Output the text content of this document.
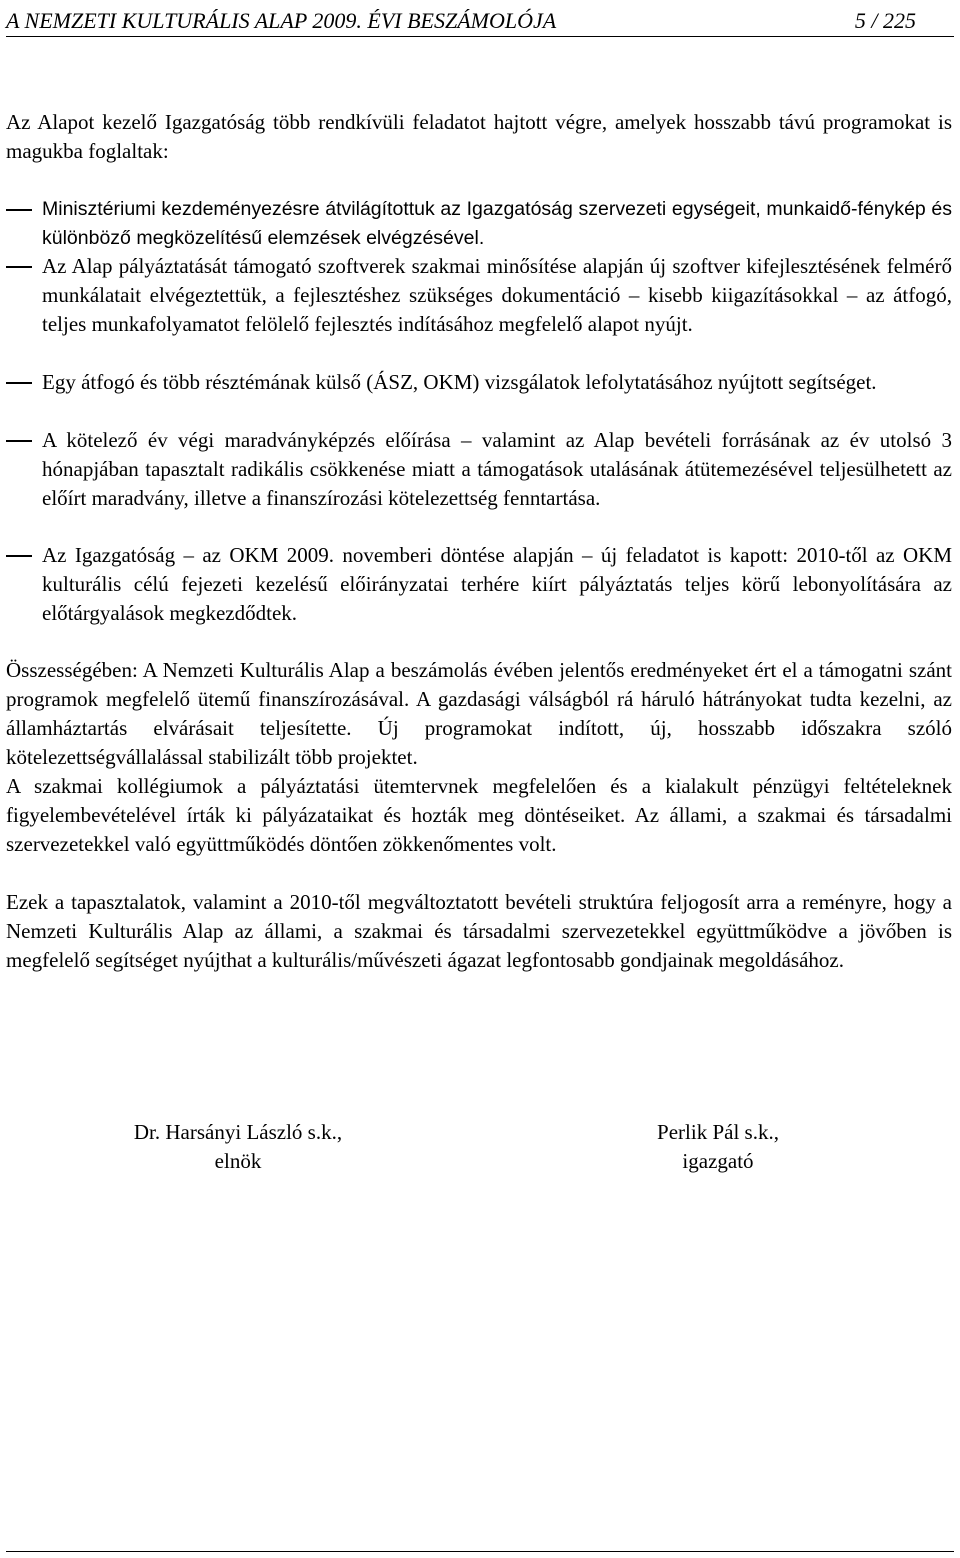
A NEMZETI KULTURÁLIS ALAP 2009. ÉVI BESZÁMOLÓJA	5 / 225
Az Alapot kezelő Igazgatóság több rendkívüli feladatot hajtott végre, amelyek hosszabb távú programokat is magukba foglaltak:
Minisztériumi kezdeményezésre átvilágítottuk az Igazgatóság szervezeti egységeit, munkaidő-fénykép és különböző megközelítésű elemzések elvégzésével.
Az Alap pályáztatását támogató szoftverek szakmai minősítése alapján új szoftver kifejlesztésének felmérő munkálatait elvégeztettük, a fejlesztéshez szükséges dokumentáció – kisebb kiigazításokkal – az átfogó, teljes munkafolyamatot felölelő fejlesztés indításához megfelelő alapot nyújt.
Egy átfogó és több résztémának külső (ÁSZ, OKM) vizsgálatok lefolytatásához nyújtott segítséget.
A kötelező év végi maradványképzés előírása – valamint az Alap bevételi forrásának az év utolsó 3 hónapjában tapasztalt radikális csökkenése miatt a támogatások utalásának átütemezésével teljesülhetett az előírt maradvány, illetve a finanszírozási kötelezettség fenntartása.
Az Igazgatóság – az OKM 2009. novemberi döntése alapján – új feladatot is kapott: 2010-től az OKM kulturális célú fejezeti kezelésű előirányzatai terhére kiírt pályáztatás teljes körű lebonyolítására az előtárgyalások megkezdődtek.
Összességében: A Nemzeti Kulturális Alap a beszámolás évében jelentős eredményeket ért el a támogatni szánt programok megfelelő ütemű finanszírozásával. A gazdasági válságból rá háruló hátrányokat tudta kezelni, az államháztartás elvárásait teljesítette. Új programokat indított, új, hosszabb időszakra szóló kötelezettségvállalással stabilizált több projektet.
A szakmai kollégiumok a pályáztatási ütemtervnek megfelelően és a kialakult pénzügyi feltételeknek figyelembevételével írták ki pályázataikat és hozták meg döntéseiket. Az állami, a szakmai és társadalmi szervezetekkel való együttműködés döntően zökkenőmentes volt.
Ezek a tapasztalatok, valamint a 2010-től megváltoztatott bevételi struktúra feljogosít arra a reményre, hogy a Nemzeti Kulturális Alap az állami, a szakmai és társadalmi szervezetekkel együttműködve a jövőben is megfelelő segítséget nyújthat a kulturális/művészeti ágazat legfontosabb gondjainak megoldásához.
Dr. Harsányi László s.k.,
elnök
Perlik Pál s.k.,
igazgató
